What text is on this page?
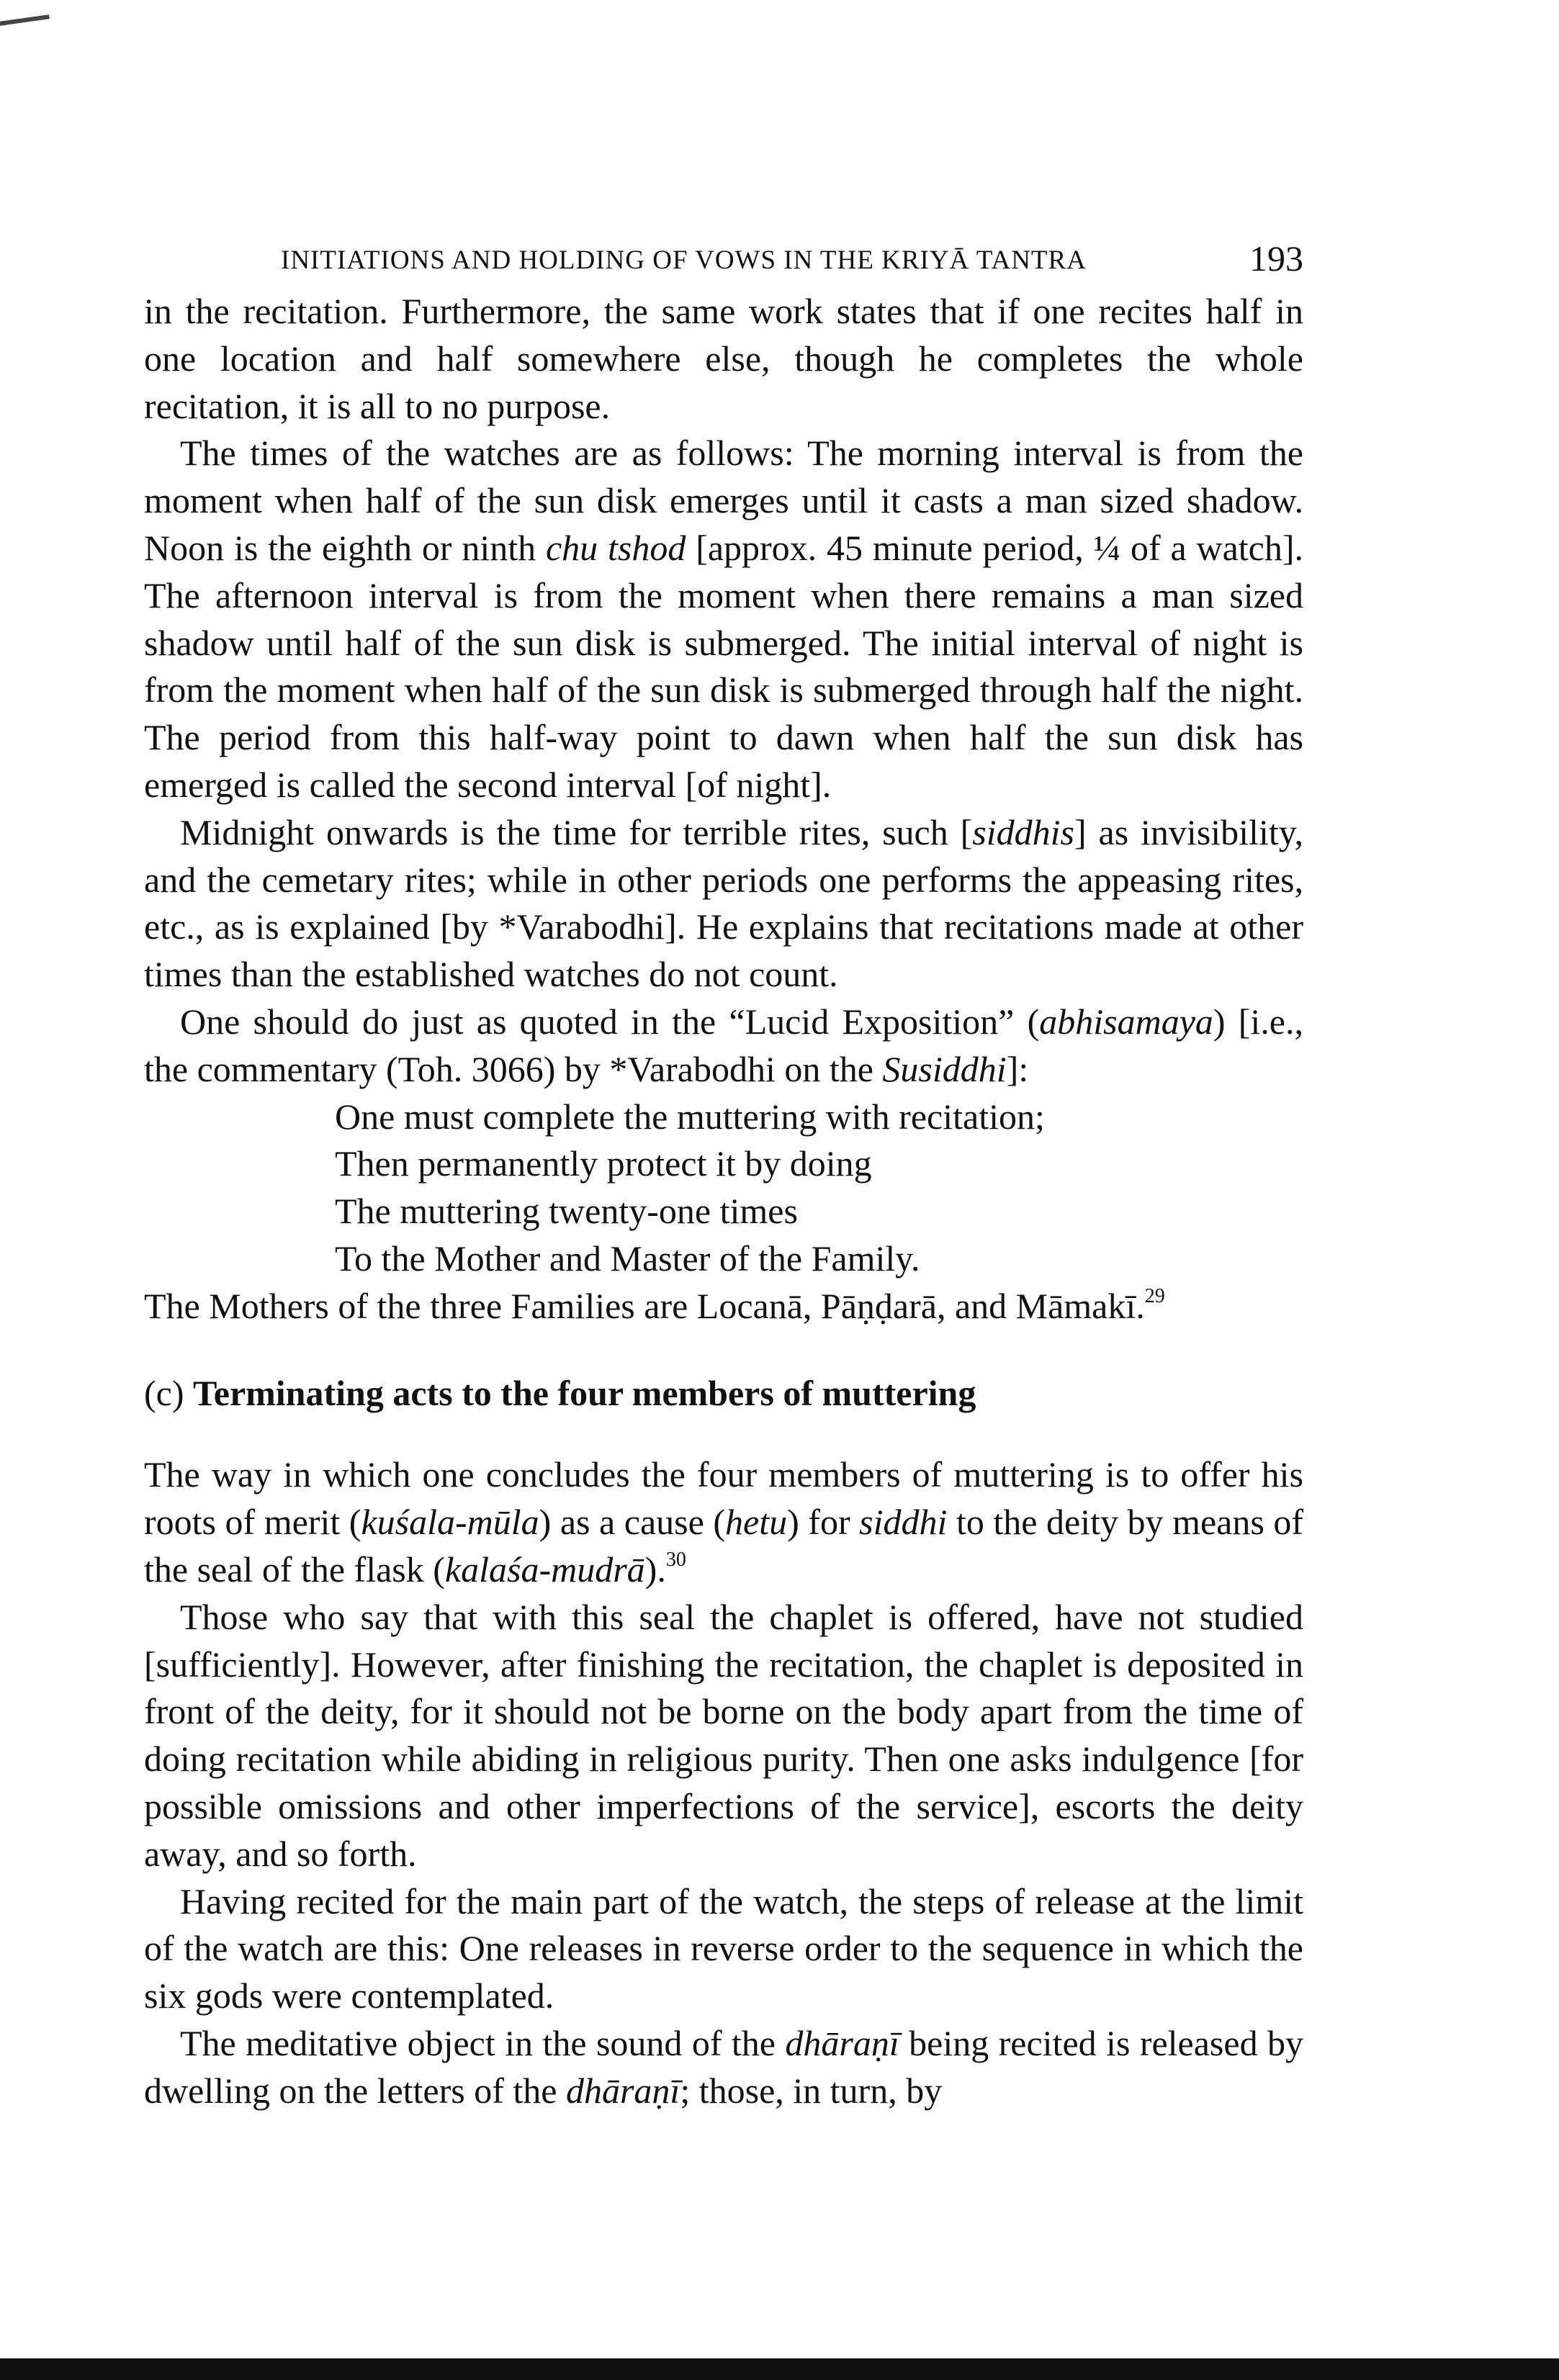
INITIATIONS AND HOLDING OF VOWS IN THE KRIYĀ TANTRA	193

in the recitation. Furthermore, the same work states that if one recites half in one location and half somewhere else, though he completes the whole recitation, it is all to no purpose.

The times of the watches are as follows: The morning interval is from the moment when half of the sun disk emerges until it casts a man sized shadow. Noon is the eighth or ninth chu tshod [approx. 45 minute period, ¼ of a watch]. The afternoon interval is from the moment when there remains a man sized shadow until half of the sun disk is submerged. The initial interval of night is from the moment when half of the sun disk is submerged through half the night. The period from this half-way point to dawn when half the sun disk has emerged is called the second interval [of night].

Midnight onwards is the time for terrible rites, such [siddhis] as invisibility, and the cemetary rites; while in other periods one performs the appeasing rites, etc., as is explained [by *Varabodhi]. He explains that recitations made at other times than the established watches do not count.

One should do just as quoted in the “Lucid Exposition” (abhisamaya) [i.e., the commentary (Toh. 3066) by *Varabodhi on the Susiddhi]:

One must complete the muttering with recitation;
Then permanently protect it by doing
The muttering twenty-one times
To the Mother and Master of the Family.

The Mothers of the three Families are Locanā, Pāṇḍarā, and Māmakī.$^{29}$

(c) Terminating acts to the four members of muttering

The way in which one concludes the four members of muttering is to offer his roots of merit (kuśala-mūla) as a cause (hetu) for siddhi to the deity by means of the seal of the flask (kalaśa-mudrā).$^{30}$

Those who say that with this seal the chaplet is offered, have not studied [sufficiently]. However, after finishing the recitation, the chaplet is deposited in front of the deity, for it should not be borne on the body apart from the time of doing recitation while abiding in religious purity. Then one asks indulgence [for possible omissions and other imperfections of the service], escorts the deity away, and so forth.

Having recited for the main part of the watch, the steps of release at the limit of the watch are this: One releases in reverse order to the sequence in which the six gods were contemplated.

The meditative object in the sound of the dhāraṇī being recited is released by dwelling on the letters of the dhāraṇī; those, in turn, by
